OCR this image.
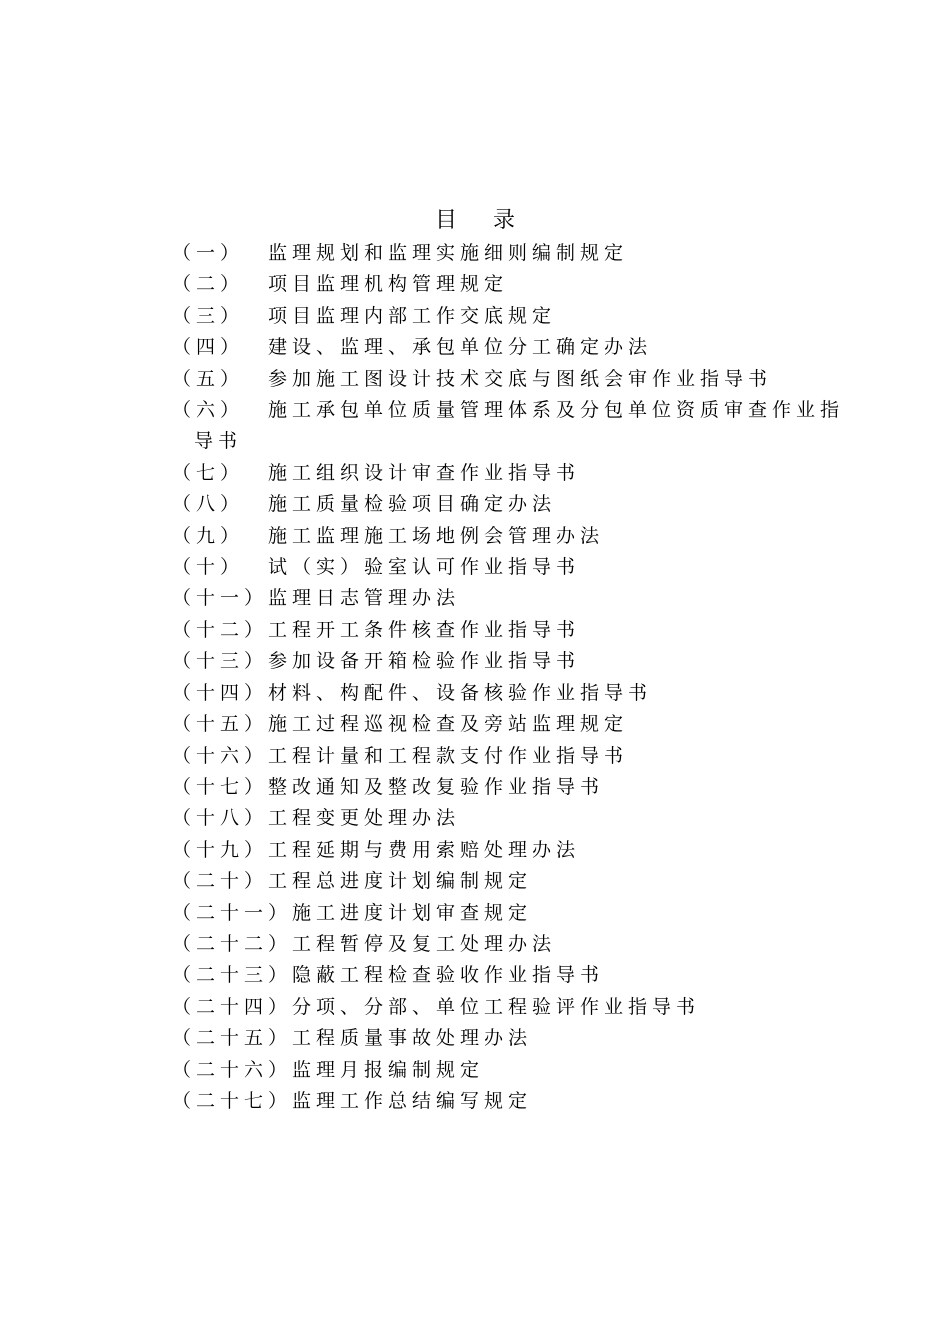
目录
（一） 监理规划和监理实施细则编制规定
（二） 项目监理机构管理规定
（三） 项目监理内部工作交底规定
（四） 建设、监理、承包单位分工确定办法
（五） 参加施工图设计技术交底与图纸会审作业指导书
（六） 施工承包单位质量管理体系及分包单位资质审查作业指
导书
（七） 施工组织设计审查作业指导书
（八） 施工质量检验项目确定办法
（九） 施工监理施工场地例会管理办法
（十） 试（实）验室认可作业指导书
（十一）监理日志管理办法
（十二）工程开工条件核查作业指导书
（十三）参加设备开箱检验作业指导书
（十四）材料、构配件、设备核验作业指导书
（十五）施工过程巡视检查及旁站监理规定
（十六）工程计量和工程款支付作业指导书
（十七）整改通知及整改复验作业指导书
（十八）工程变更处理办法
（十九）工程延期与费用索赔处理办法
（二十）工程总进度计划编制规定
（二十一）施工进度计划审查规定
（二十二）工程暂停及复工处理办法
（二十三）隐蔽工程检查验收作业指导书
（二十四）分项、分部、单位工程验评作业指导书
（二十五）工程质量事故处理办法
（二十六）监理月报编制规定
（二十七）监理工作总结编写规定
